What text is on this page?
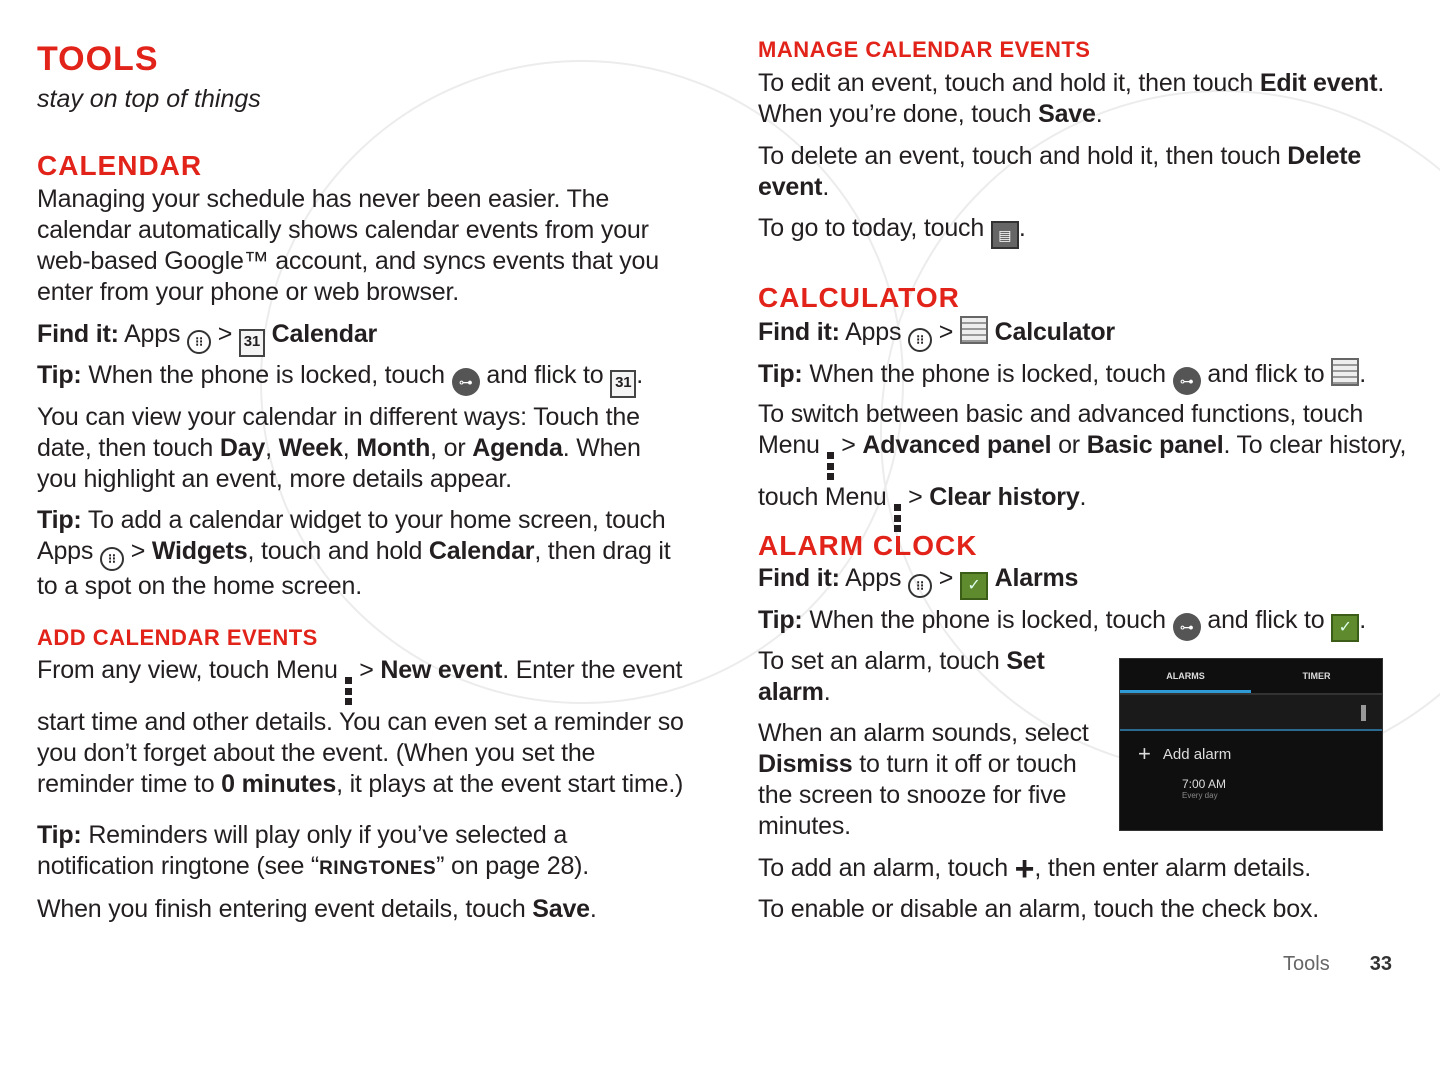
TOOLS
stay on top of things
CALENDAR

Managing your schedule has never been easier. The calendar automatically shows calendar events from your web-based Google™ account, and syncs events that you enter from your phone or web browser.

Find it: Apps ⁝⁝ > 31 Calendar

Tip: When the phone is locked, touch ⊶ and flick to 31 .

You can view your calendar in different ways: Touch the date, then touch Day, Week, Month, or Agenda. When you highlight an event, more details appear.

Tip: To add a calendar widget to your home screen, touch Apps ⁝⁝ > Widgets, touch and hold Calendar, then drag it to a spot on the home screen.

ADD CALENDAR EVENTS

From any view, touch Menu > New event. Enter the event start time and other details. You can even set a reminder so you don’t forget about the event. (When you set the reminder time to 0 minutes, it plays at the event start time.)

Tip: Reminders will play only if you’ve selected a notification ringtone (see “RINGTONES” on page 28).

When you finish entering event details, touch Save.

MANAGE CALENDAR EVENTS

To edit an event, touch and hold it, then touch Edit event. When you’re done, touch Save.

To delete an event, touch and hold it, then touch Delete event.

To go to today, touch ▤ .

CALCULATOR

Find it: Apps ⁝⁝ > Calculator

Tip: When the phone is locked, touch ⊶ and flick to .

To switch between basic and advanced functions, touch Menu > Advanced panel or Basic panel. To clear history, touch Menu > Clear history.

ALARM CLOCK

Find it: Apps ⁝⁝ > ✓ Alarms

Tip: When the phone is locked, touch ⊶ and flick to ✓ .

To set an alarm, touch Set alarm.

When an alarm sounds, select Dismiss to turn it off or touch the screen to snooze for five minutes.

To add an alarm, touch +, then enter alarm details.

To enable or disable an alarm, touch the check box.

ALARMS	TIMER
+ Add alarm
7:00 AM
Every day
Tools 33
